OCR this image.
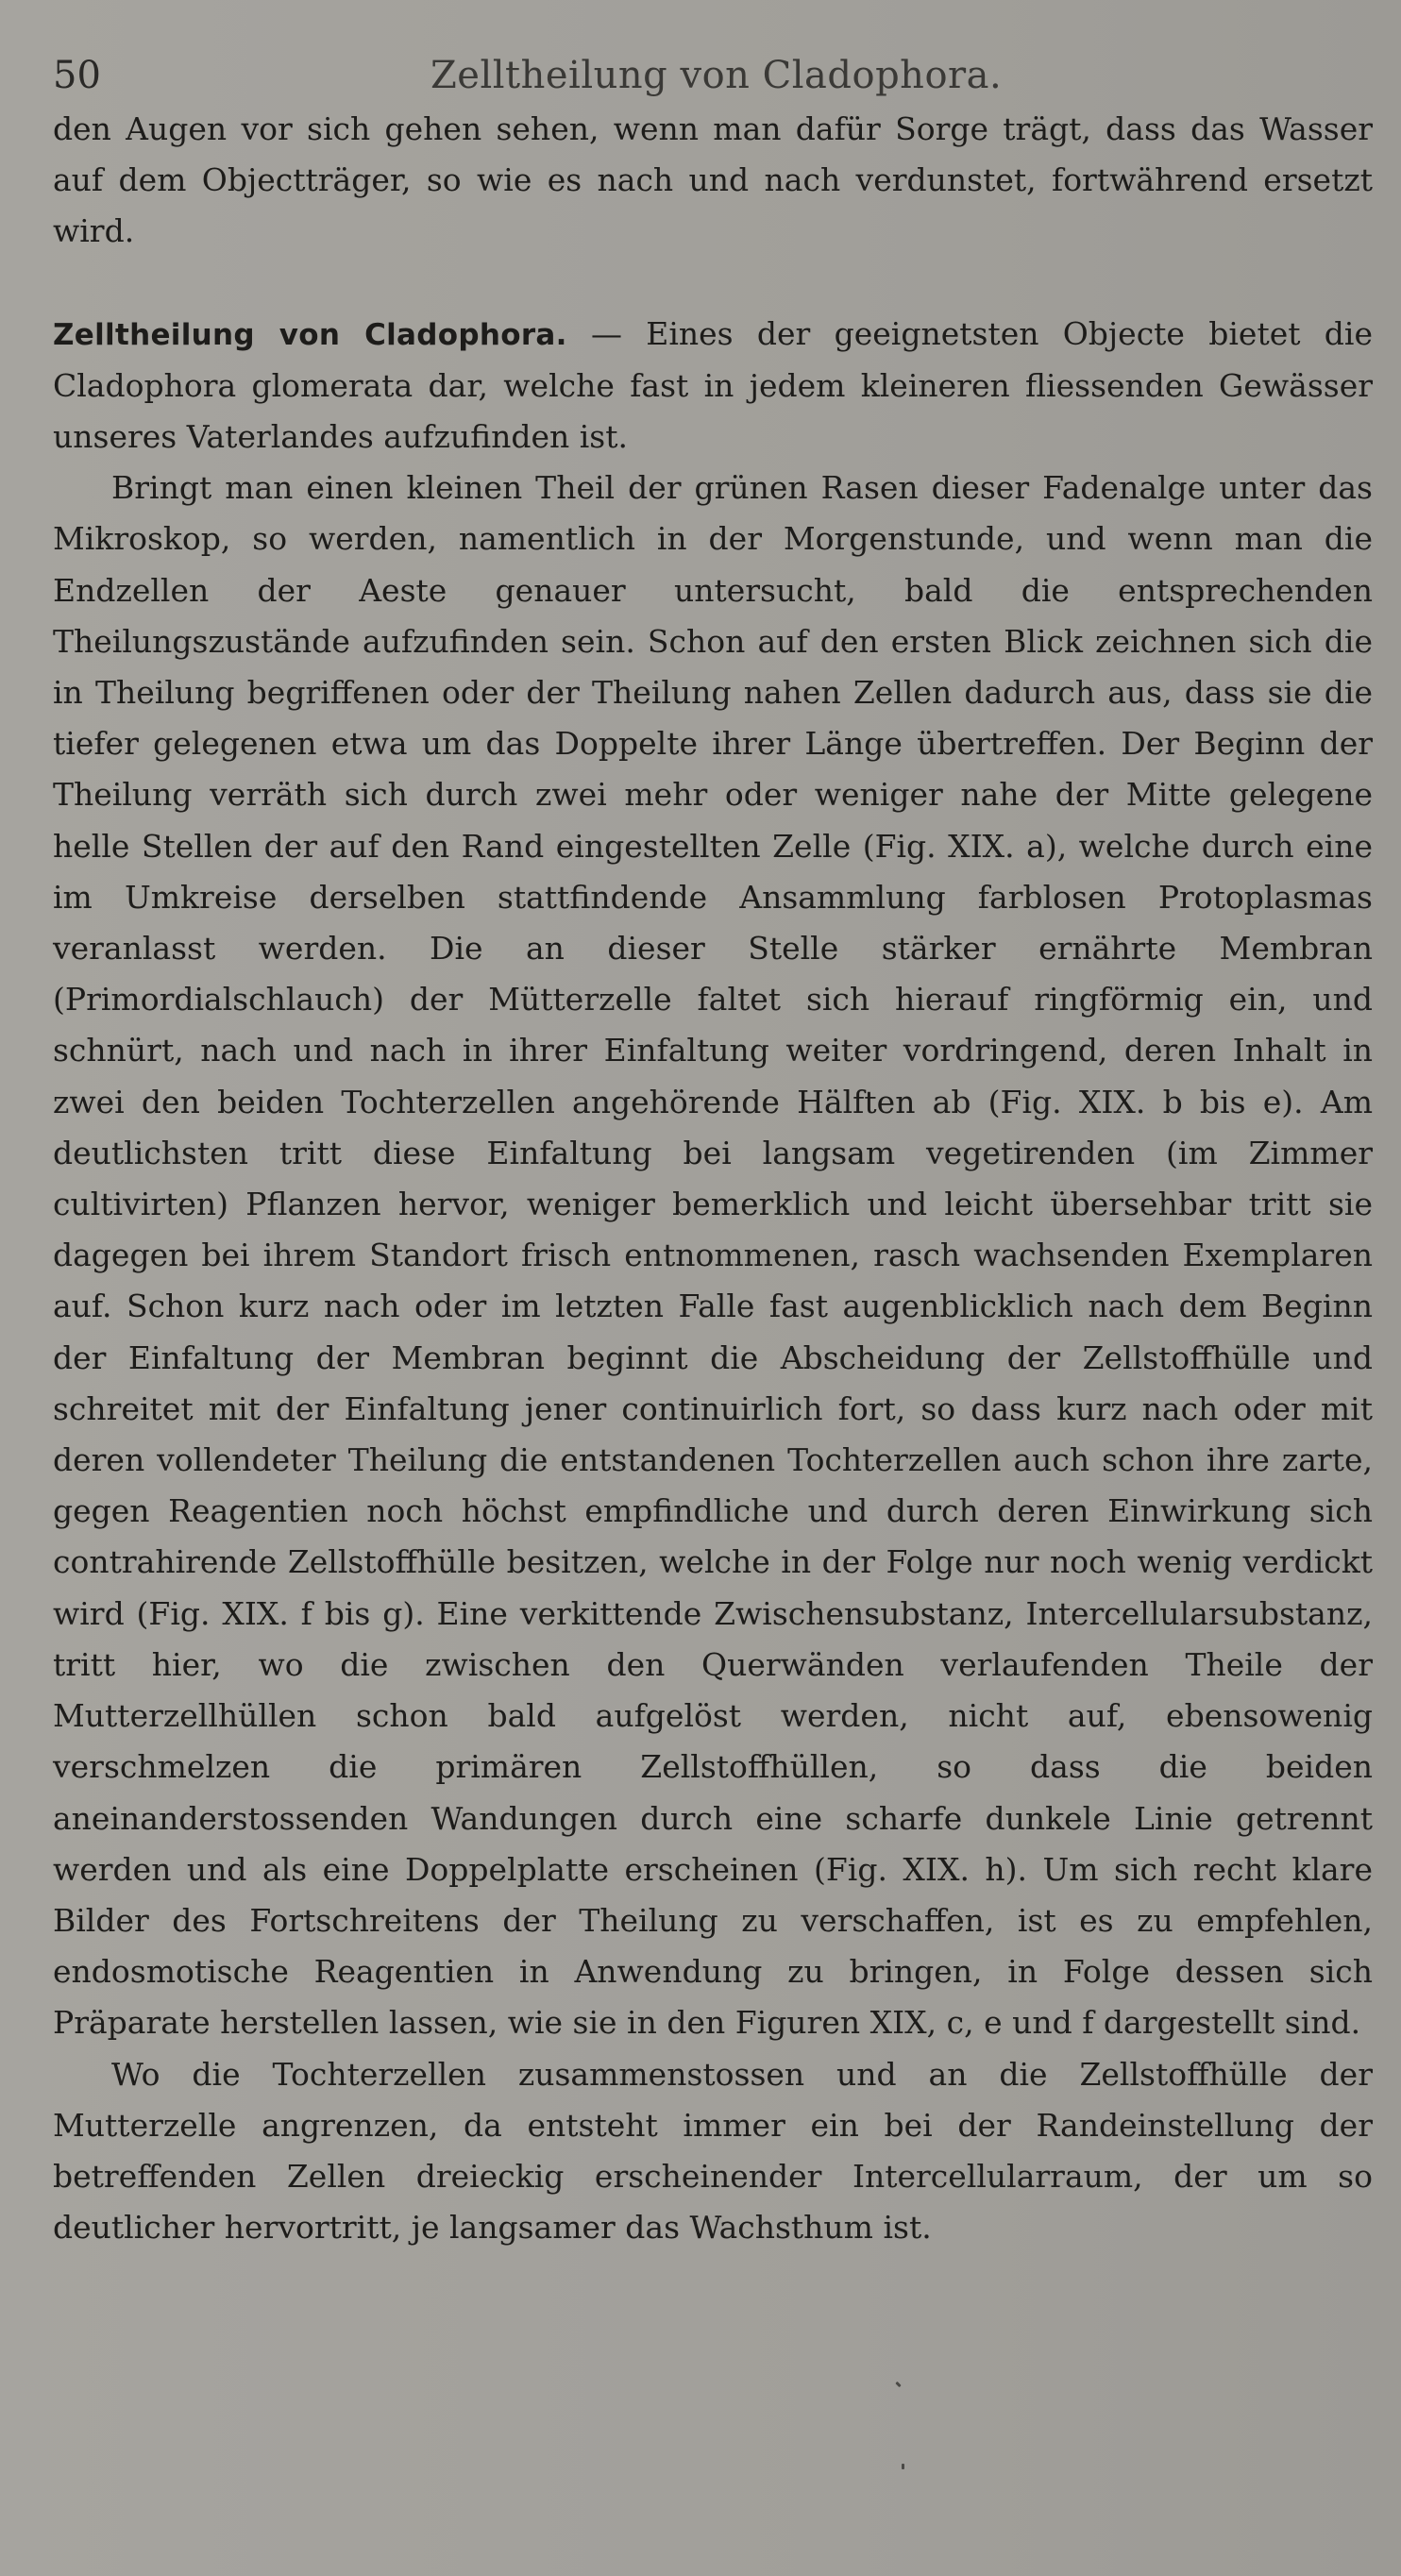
50	Zelltheilung von Cladophora.

den Augen vor sich gehen sehen, wenn man dafür Sorge trägt, dass das Wasser auf dem Objectträger, so wie es nach und nach verdunstet, fortwährend ersetzt wird.

Zelltheilung von Cladophora. — Eines der geeignetsten Objecte bietet die Cladophora glomerata dar, welche fast in jedem kleineren fliessenden Gewässer unseres Vaterlandes aufzufinden ist.

Bringt man einen kleinen Theil der grünen Rasen dieser Fadenalge unter das Mikroskop, so werden, namentlich in der Morgenstunde, und wenn man die Endzellen der Aeste genauer untersucht, bald die entsprechenden Theilungszustände aufzufinden sein. Schon auf den ersten Blick zeichnen sich die in Theilung begriffenen oder der Theilung nahen Zellen dadurch aus, dass sie die tiefer gelegenen etwa um das Doppelte ihrer Länge übertreffen. Der Beginn der Theilung verräth sich durch zwei mehr oder weniger nahe der Mitte gelegene helle Stellen der auf den Rand eingestellten Zelle (Fig. XIX. a), welche durch eine im Umkreise derselben stattfindende Ansammlung farblosen Protoplasmas veranlasst werden. Die an dieser Stelle stärker ernährte Membran (Primordialschlauch) der Mütterzelle faltet sich hierauf ringförmig ein, und schnürt, nach und nach in ihrer Einfaltung weiter vordringend, deren Inhalt in zwei den beiden Tochterzellen angehörende Hälften ab (Fig. XIX. b bis e). Am deutlichsten tritt diese Einfaltung bei langsam vegetirenden (im Zimmer cultivirten) Pflanzen hervor, weniger bemerklich und leicht übersehbar tritt sie dagegen bei ihrem Standort frisch entnommenen, rasch wachsenden Exemplaren auf. Schon kurz nach oder im letzten Falle fast augenblicklich nach dem Beginn der Einfaltung der Membran beginnt die Abscheidung der Zellstoffhülle und schreitet mit der Einfaltung jener continuirlich fort, so dass kurz nach oder mit deren vollendeter Theilung die entstandenen Tochterzellen auch schon ihre zarte, gegen Reagentien noch höchst empfindliche und durch deren Einwirkung sich contrahirende Zellstoffhülle besitzen, welche in der Folge nur noch wenig verdickt wird (Fig. XIX. f bis g). Eine verkittende Zwischensubstanz, Intercellularsubstanz, tritt hier, wo die zwischen den Querwänden verlaufenden Theile der Mutterzellhüllen schon bald aufgelöst werden, nicht auf, ebensowenig verschmelzen die primären Zellstoffhüllen, so dass die beiden aneinanderstossenden Wandungen durch eine scharfe dunkele Linie getrennt werden und als eine Doppelplatte erscheinen (Fig. XIX. h). Um sich recht klare Bilder des Fortschreitens der Theilung zu verschaffen, ist es zu empfehlen, endosmotische Reagentien in Anwendung zu bringen, in Folge dessen sich Präparate herstellen lassen, wie sie in den Figuren XIX, c, e und f dargestellt sind.

Wo die Tochterzellen zusammenstossen und an die Zellstoffhülle der Mutterzelle angrenzen, da entsteht immer ein bei der Randeinstellung der betreffenden Zellen dreieckig erscheinender Intercellularraum, der um so deutlicher hervortritt, je langsamer das Wachsthum ist.
